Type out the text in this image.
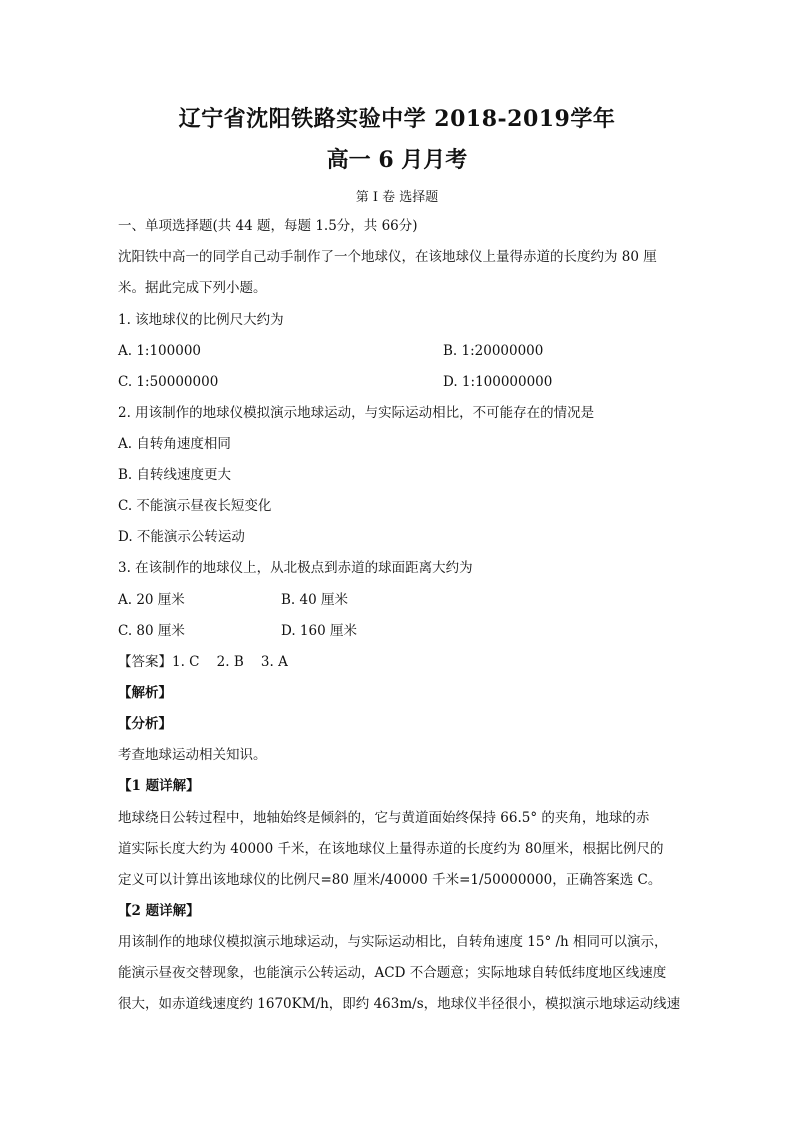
辽宁省沈阳铁路实验中学 2018-2019学年
高一 6 月月考
第 I 卷 选择题
一、单项选择题(共 44 题，每题 1.5分，共 66分)
沈阳铁中高一的同学自己动手制作了一个地球仪，在该地球仪上量得赤道的长度约为 80 厘
米。据此完成下列小题。
1. 该地球仪的比例尺大约为
A. 1:100000	B. 1:20000000
C. 1:50000000	D. 1:100000000
2. 用该制作的地球仪模拟演示地球运动，与实际运动相比，不可能存在的情况是
A. 自转角速度相同
B. 自转线速度更大
C. 不能演示昼夜长短变化
D. 不能演示公转运动
3. 在该制作的地球仪上，从北极点到赤道的球面距离大约为
A. 20 厘米	B. 40 厘米
C. 80 厘米	D. 160 厘米
【答案】1. C    2. B    3. A
【解析】
【分析】
考查地球运动相关知识。
【1 题详解】
地球绕日公转过程中，地轴始终是倾斜的，它与黄道面始终保持 66.5° 的夹角，地球的赤
道实际长度大约为 40000 千米，在该地球仪上量得赤道的长度约为 80厘米，根据比例尺的
定义可以计算出该地球仪的比例尺=80 厘米/40000 千米=1/50000000，正确答案选 C。
【2 题详解】
用该制作的地球仪模拟演示地球运动，与实际运动相比，自转角速度 15° /h 相同可以演示，
能演示昼夜交替现象，也能演示公转运动，ACD 不合题意；实际地球自转低纬度地区线速度
很大，如赤道线速度约 1670KM/h，即约 463m/s，地球仪半径很小，模拟演示地球运动线速
